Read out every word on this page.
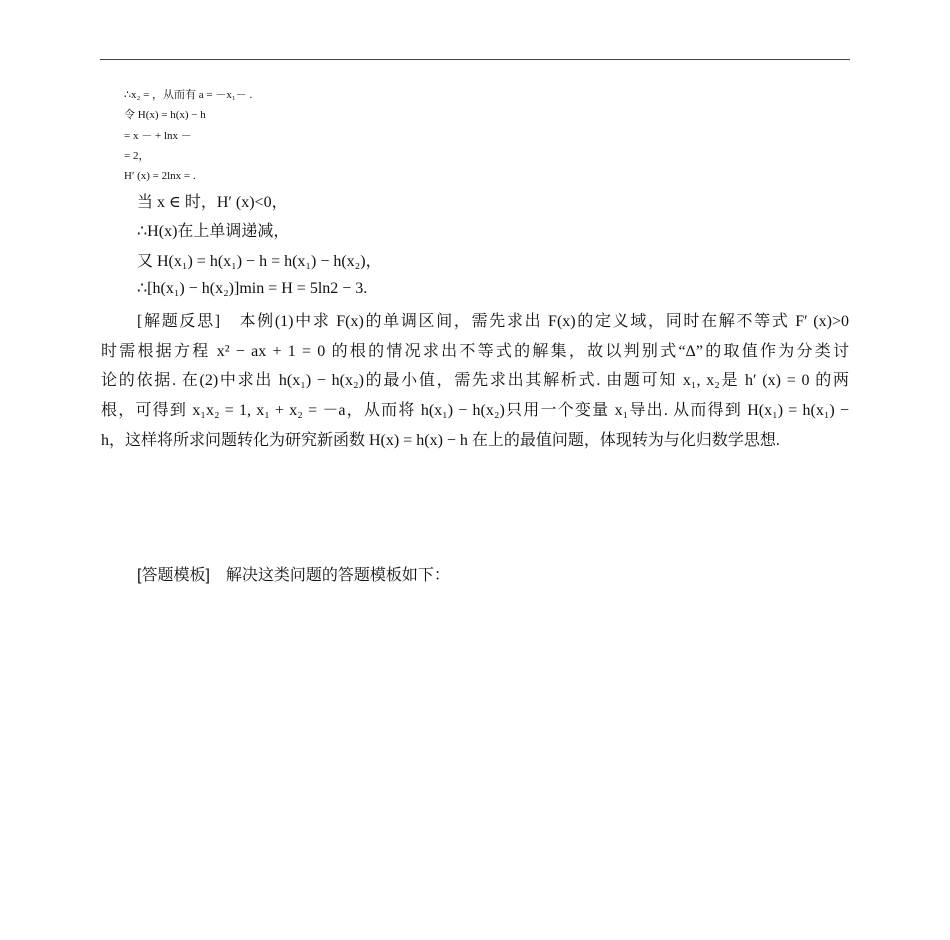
∴x₂ = ，从而有 a = －x₁－ .
令 H(x) = h(x) − h
= x － + lnx －
= 2，
H′ (x) = 2lnx = .
当 x ∈ 时，H′ (x)<0，
∴H(x)在上单调递减，
又 H(x₁) = h(x₁) − h = h(x₁) − h(x₂)，
∴[h(x₁) − h(x₂)]min = H = 5ln2 − 3.
[解题反思]　本例(1)中求 F(x)的单调区间，需先求出 F(x)的定义域，同时在解不等式 F′ (x)>0
时需根据方程 x² − ax + 1 = 0 的根的情况求出不等式的解集，故以判别式“Δ”的取值作为分类讨
论的依据. 在(2)中求出 h(x₁) − h(x₂)的最小值，需先求出其解析式. 由题可知 x₁, x₂是 h′ (x) = 0 的两
根，可得到 x₁x₂ = 1, x₁ + x₂ = －a，从而将 h(x₁) − h(x₂)只用一个变量 x₁导出. 从而得到 H(x₁) = h(x₁) −
h，这样将所求问题转化为研究新函数 H(x) = h(x) − h 在上的最值问题，体现转为与化归数学思想.
[答题模板]　解决这类问题的答题模板如下：
